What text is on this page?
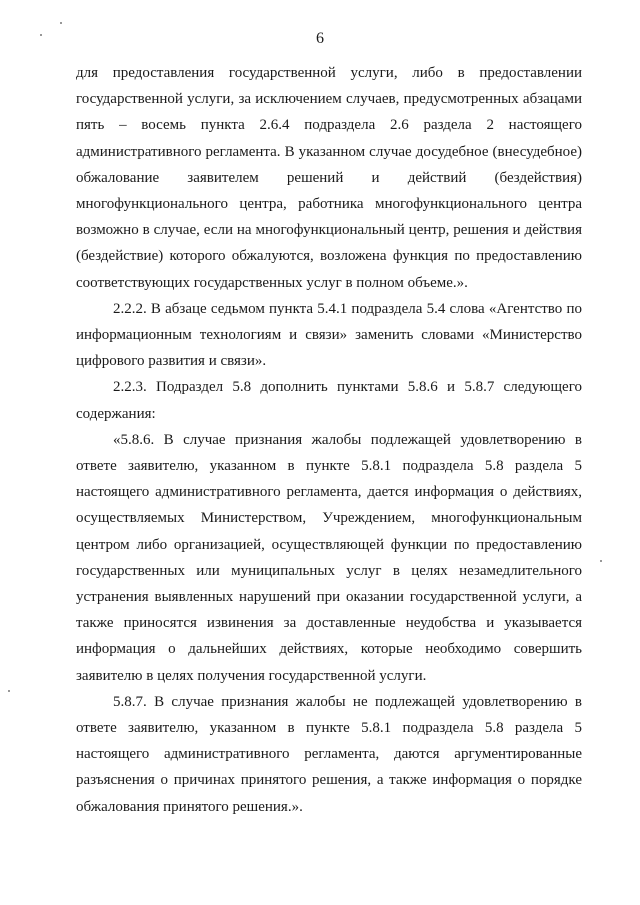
6

для предоставления государственной услуги, либо в предоставлении государственной услуги, за исключением случаев, предусмотренных абзацами пять – восемь пункта 2.6.4 подраздела 2.6 раздела 2 настоящего административного регламента. В указанном случае досудебное (внесудебное) обжалование заявителем решений и действий (бездействия) многофункционального центра, работника многофункционального центра возможно в случае, если на многофункциональный центр, решения и действия (бездействие) которого обжалуются, возложена функция по предоставлению соответствующих государственных услуг в полном объеме.».

2.2.2. В абзаце седьмом пункта 5.4.1 подраздела 5.4 слова «Агентство по информационным технологиям и связи» заменить словами «Министерство цифрового развития и связи».

2.2.3. Подраздел 5.8 дополнить пунктами 5.8.6 и 5.8.7 следующего содержания:

«5.8.6. В случае признания жалобы подлежащей удовлетворению в ответе заявителю, указанном в пункте 5.8.1 подраздела 5.8 раздела 5 настоящего административного регламента, дается информация о действиях, осуществляемых Министерством, Учреждением, многофункциональным центром либо организацией, осуществляющей функции по предоставлению государственных или муниципальных услуг в целях незамедлительного устранения выявленных нарушений при оказании государственной услуги, а также приносятся извинения за доставленные неудобства и указывается информация о дальнейших действиях, которые необходимо совершить заявителю в целях получения государственной услуги.

5.8.7. В случае признания жалобы не подлежащей удовлетворению в ответе заявителю, указанном в пункте 5.8.1 подраздела 5.8 раздела 5 настоящего административного регламента, даются аргументированные разъяснения о причинах принятого решения, а также информация о порядке обжалования принятого решения.».
